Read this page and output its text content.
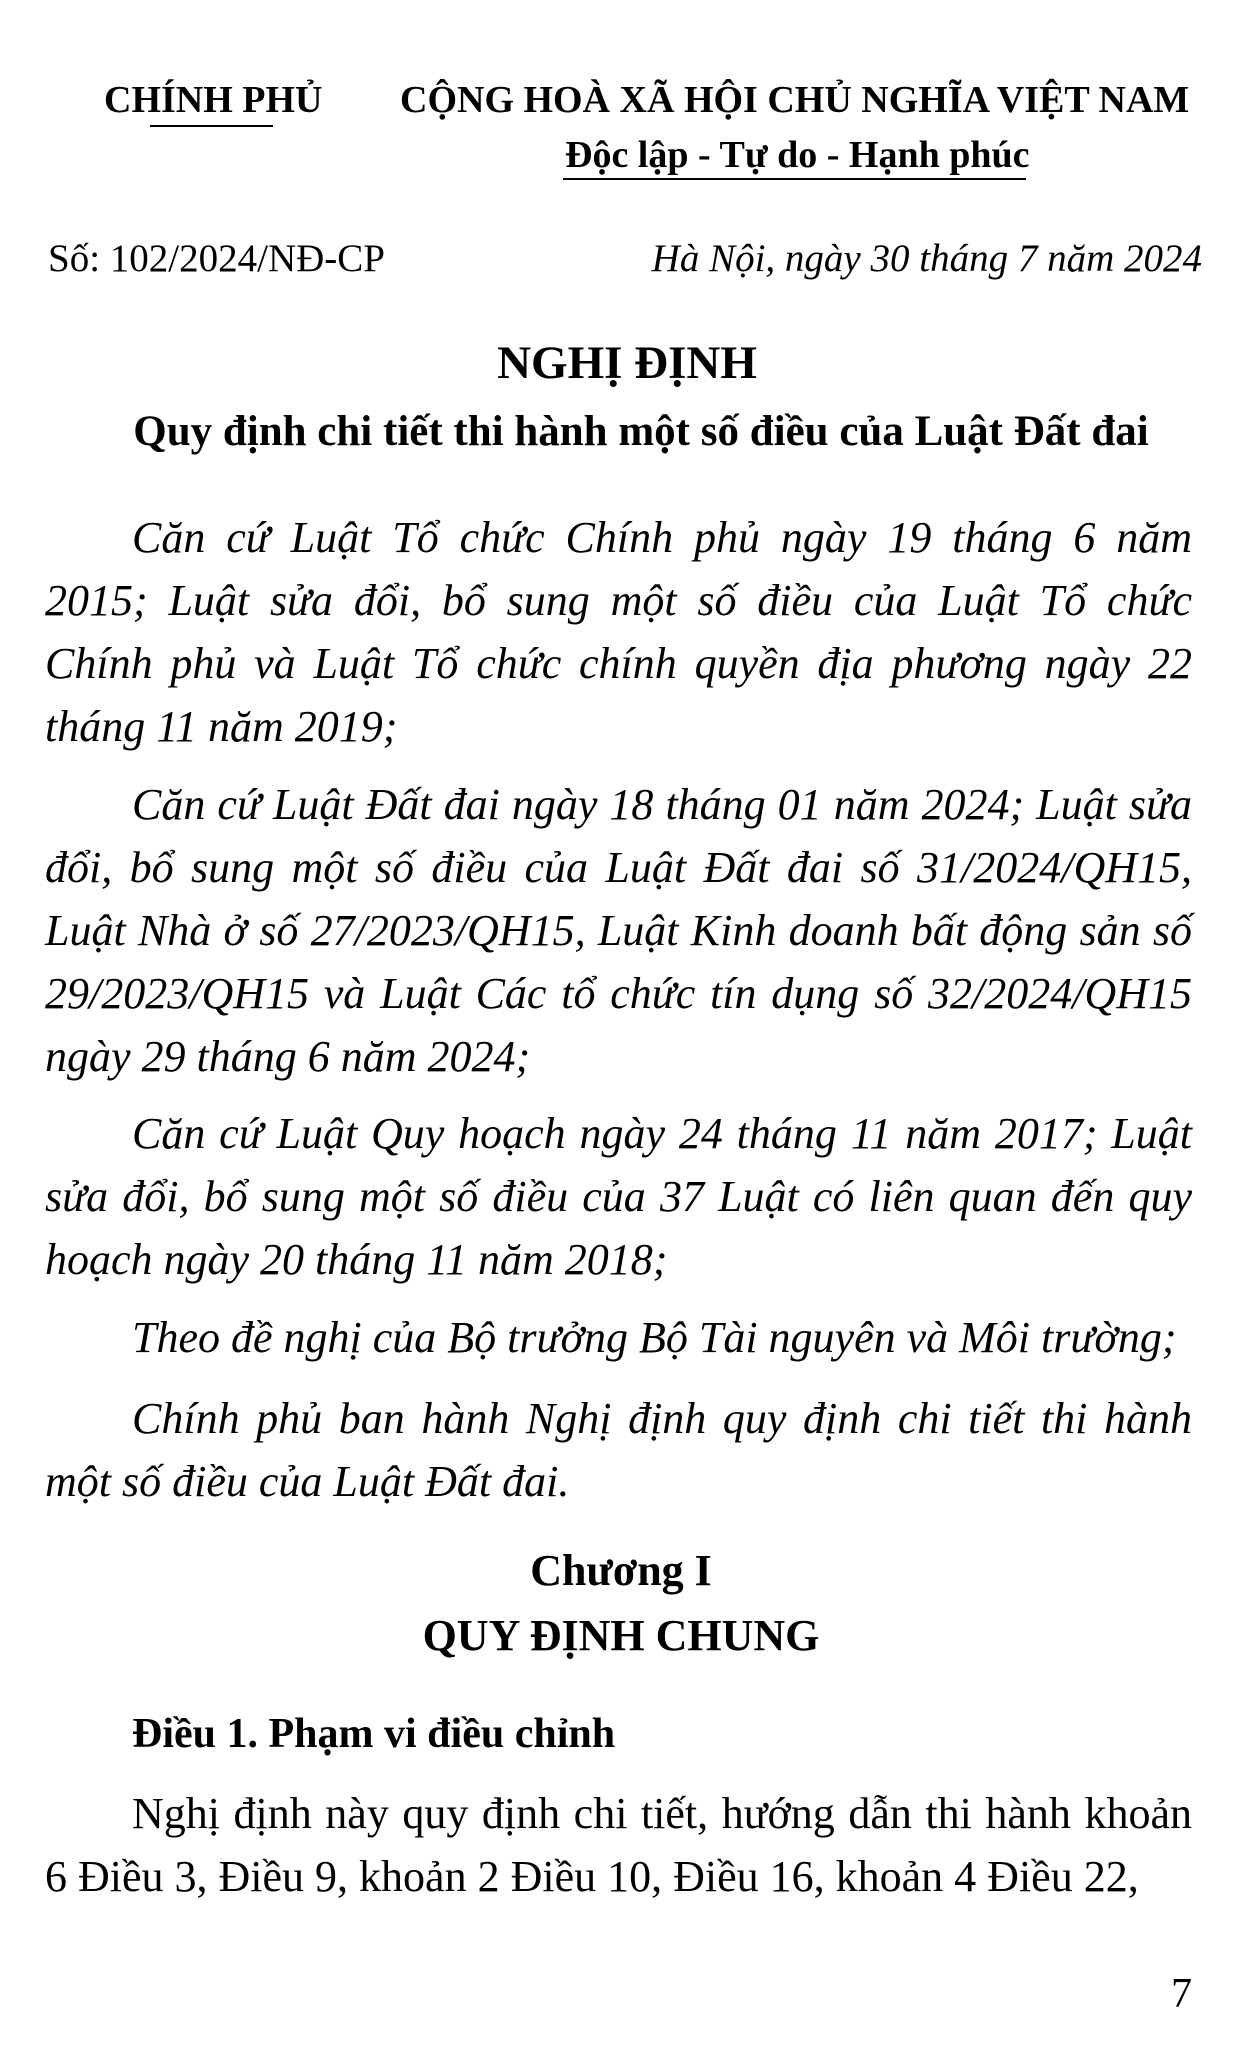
CHÍNH PHỦ CỘNG HOÀ XÃ HỘI CHỦ NGHĨA VIỆT NAM
Độc lập - Tự do - Hạnh phúc
Số: 102/2024/NĐ-CP	Hà Nội, ngày 30 tháng 7 năm 2024
NGHỊ ĐỊNH
Quy định chi tiết thi hành một số điều của Luật Đất đai

Căn cứ Luật Tổ chức Chính phủ ngày 19 tháng 6 năm 2015; Luật sửa đổi, bổ sung một số điều của Luật Tổ chức Chính phủ và Luật Tổ chức chính quyền địa phương ngày 22 tháng 11 năm 2019;

Căn cứ Luật Đất đai ngày 18 tháng 01 năm 2024; Luật sửa đổi, bổ sung một số điều của Luật Đất đai số 31/2024/QH15, Luật Nhà ở số 27/2023/QH15, Luật Kinh doanh bất động sản số 29/2023/QH15 và Luật Các tổ chức tín dụng số 32/2024/QH15 ngày 29 tháng 6 năm 2024;

Căn cứ Luật Quy hoạch ngày 24 tháng 11 năm 2017; Luật sửa đổi, bổ sung một số điều của 37 Luật có liên quan đến quy hoạch ngày 20 tháng 11 năm 2018;

Theo đề nghị của Bộ trưởng Bộ Tài nguyên và Môi trường;

Chính phủ ban hành Nghị định quy định chi tiết thi hành một số điều của Luật Đất đai.

Chương I
QUY ĐỊNH CHUNG
Điều 1. Phạm vi điều chỉnh

Nghị định này quy định chi tiết, hướng dẫn thi hành khoản 6 Điều 3, Điều 9, khoản 2 Điều 10, Điều 16, khoản 4 Điều 22,

7
